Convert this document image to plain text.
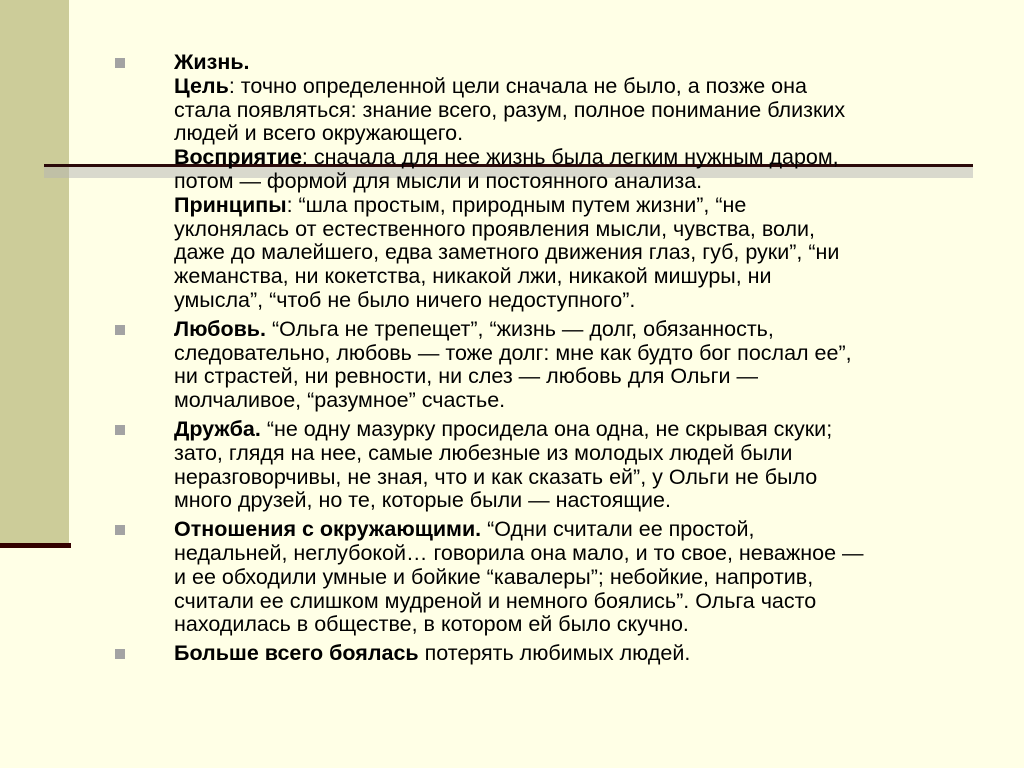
Жизнь.
Цель: точно определенной цели сначала не было, а позже она
стала появляться: знание всего, разум, полное понимание близких
людей и всего окружающего.
Восприятие: сначала для нее жизнь была легким нужным даром,
потом — формой для мысли и постоянного анализа.
Принципы: “шла простым, природным путем жизни”, “не
уклонялась от естественного проявления мысли, чувства, воли,
даже до малейшего, едва заметного движения глаз, губ, руки”, “ни
жеманства, ни кокетства, никакой лжи, никакой мишуры, ни
умысла”, “чтоб не было ничего недоступного”.
Любовь. “Ольга не трепещет”, “жизнь — долг, обязанность,
следовательно, любовь — тоже долг: мне как будто бог послал ее”,
ни страстей, ни ревности, ни слез — любовь для Ольги —
молчаливое, “разумное” счастье.
Дружба. “не одну мазурку просидела она одна, не скрывая скуки;
зато, глядя на нее, самые любезные из молодых людей были
неразговорчивы, не зная, что и как сказать ей”, у Ольги не было
много друзей, но те, которые были — настоящие.
Отношения с окружающими. “Одни считали ее простой,
недальней, неглубокой… говорила она мало, и то свое, неважное —
и ее обходили умные и бойкие “кавалеры”; небойкие, напротив,
считали ее слишком мудреной и немного боялись”. Ольга часто
находилась в обществе, в котором ей было скучно.
Больше всего боялась потерять любимых людей.
